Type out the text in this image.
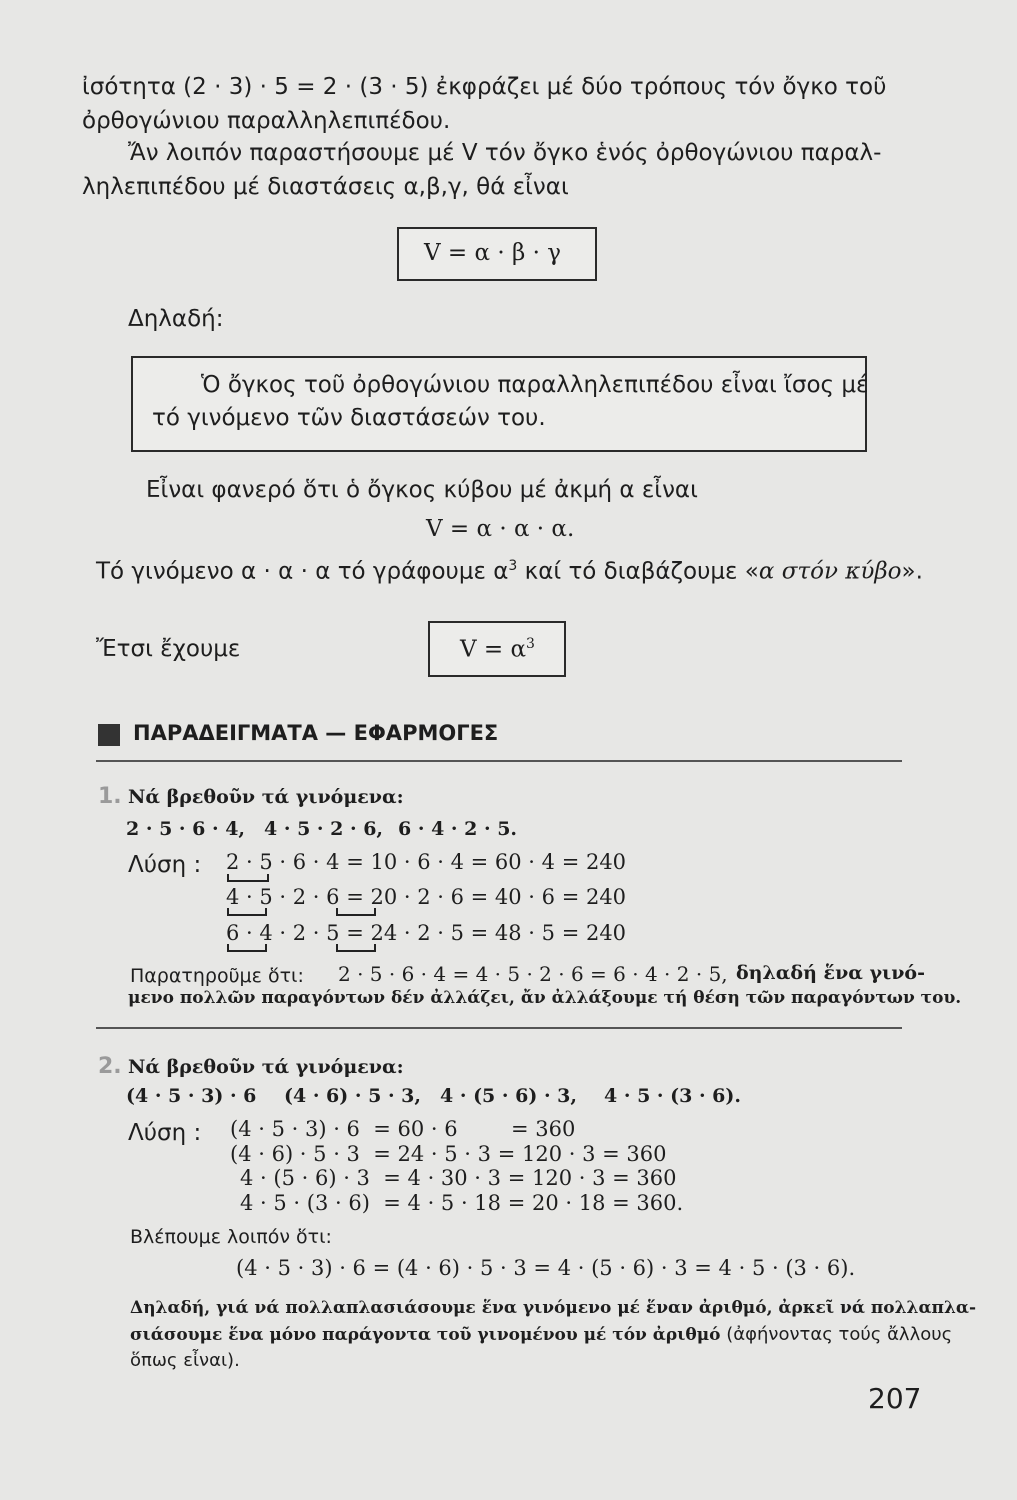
ἰσότητα (2 · 3) · 5 = 2 · (3 · 5) ἐκφράζει μέ δύο τρόπους τόν ὄγκο τοῦ
ὀρθογώνιου παραλληλεπιπέδου.
Ἄν λοιπόν παραστήσουμε μέ V τόν ὄγκο ἑνός ὀρθογώνιου παραλ-
ληλεπιπέδου μέ διαστάσεις α,β,γ, θά εἶναι
V = α · β · γ
Δηλαδή:
Ὁ ὄγκος τοῦ ὀρθογώνιου παραλληλεπιπέδου εἶναι ἴσος μέ
τό γινόμενο τῶν διαστάσεών του.
Εἶναι φανερό ὅτι ὁ ὄγκος κύβου μέ ἀκμή α εἶναι
V = α · α · α.
Τό γινόμενο α · α · α τό γράφουμε $\alpha^3$ καί τό διαβάζουμε «α στόν κύβο».
Ἔτσι ἔχουμε	$V = \alpha^3$
ΠΑΡΑΔΕΙΓΜΑΤΑ — ΕΦΑΡΜΟΓΕΣ
1. Νά βρεθοῦν τά γινόμενα:
2 · 5 · 6 · 4, 4 · 5 · 2 · 6, 6 · 4 · 2 · 5.
Λύση : 2 · 5 · 6 · 4 = 10 · 6 · 4 = 60 · 4 = 240
4 · 5 · 2 · 6 = 20 · 2 · 6 = 40 · 6 = 240
6 · 4 · 2 · 5 = 24 · 2 · 5 = 48 · 5 = 240
Παρατηροῦμε ὅτι: 2 · 5 · 6 · 4 = 4 · 5 · 2 · 6 = 6 · 4 · 2 · 5, δηλαδή ἕνα γινό-
μενο πολλῶν παραγόντων δέν ἀλλάζει, ἄν ἀλλάξουμε τή θέση τῶν παραγόντων του.
2. Νά βρεθοῦν τά γινόμενα:
(4 · 5 · 3) · 6 (4 · 6) · 5 · 3, 4 · (5 · 6) · 3, 4 · 5 · (3 · 6).
Λύση : (4 · 5 · 3) · 6  = 60 · 6        = 360
(4 · 6) · 5 · 3  = 24 · 5 · 3 = 120 · 3 = 360
4 · (5 · 6) · 3  = 4 · 30 · 3 = 120 · 3 = 360
4 · 5 · (3 · 6)  = 4 · 5 · 18 = 20 · 18 = 360.
Βλέπουμε λοιπόν ὅτι:
(4 · 5 · 3) · 6 = (4 · 6) · 5 · 3 = 4 · (5 · 6) · 3 = 4 · 5 · (3 · 6).
Δηλαδή, γιά νά πολλαπλασιάσουμε ἕνα γινόμενο μέ ἕναν ἀριθμό, ἀρκεῖ νά πολλαπλα-
σιάσουμε ἕνα μόνο παράγοντα τοῦ γινομένου μέ τόν ἀριθμό (ἀφήνοντας τούς ἄλλους
ὅπως εἶναι).
207
